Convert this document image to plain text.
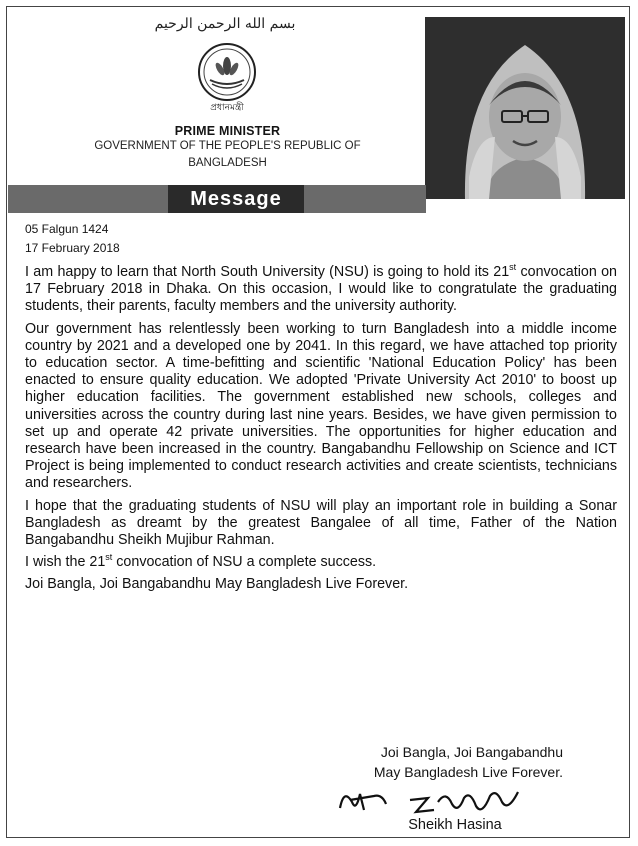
بسم الله الرحمن الرحيم
প্রধানমন্ত্রী
PRIME MINISTER
GOVERNMENT OF THE PEOPLE'S REPUBLIC OF
BANGLADESH
Message
05 Falgun 1424
17 February 2018

I am happy to learn that North South University (NSU) is going to hold its 21st convocation on 17 February 2018 in Dhaka. On this occasion, I would like to congratulate the graduating students, their parents, faculty members and the university authority.

Our government has relentlessly been working to turn Bangladesh into a middle income country by 2021 and a developed one by 2041. In this regard, we have attached top priority to education sector. A time-befitting and scientific 'National Education Policy' has been enacted to ensure quality education. We adopted 'Private University Act 2010' to boost up higher education facilities. The government established new schools, colleges and universities across the country during last nine years. Besides, we have given permission to set up and operate 42 private universities. The opportunities for higher education and research have been increased in the country. Bangabandhu Fellowship on Science and ICT Project is being implemented to conduct research activities and create scientists, technicians and researchers.

I hope that the graduating students of NSU will play an important role in building a Sonar Bangladesh as dreamt by the greatest Bangalee of all time, Father of the Nation Bangabandhu Sheikh Mujibur Rahman.

I wish the 21st convocation of NSU a complete success.

Joi Bangla, Joi Bangabandhu May Bangladesh Live Forever.

Joi Bangla, Joi Bangabandhu
May Bangladesh Live Forever.
Sheikh Hasina
